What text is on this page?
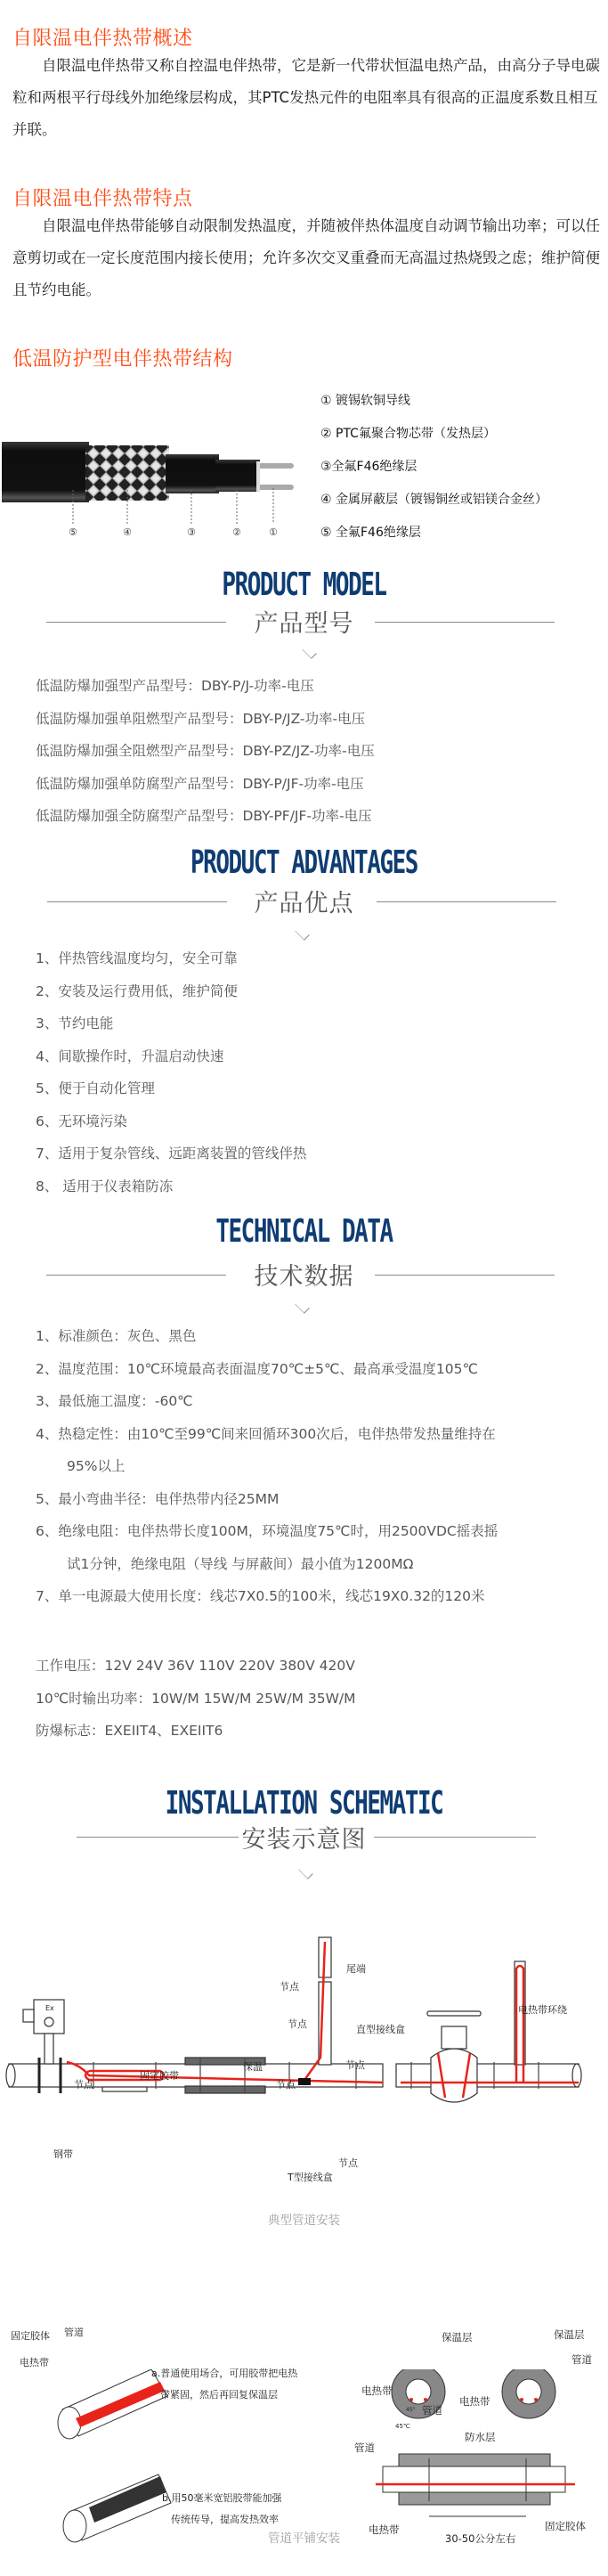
自限温电伴热带概述
自限温电伴热带又称自控温电伴热带，它是新一代带状恒温电热产品，由高分子导电碳粒和两根平行母线外加绝缘层构成，其PTC发热元件的电阻率具有很高的正温度系数且相互并联。
自限温电伴热带特点
自限温电伴热带能够自动限制发热温度，并随被伴热体温度自动调节输出功率；可以任意剪切或在一定长度范围内接长使用；允许多次交叉重叠而无高温过热烧毁之虑；维护简便且节约电能。
低温防护型电伴热带结构
⑤	④	③	②	①
① 镀锡软铜导线
② PTC氟聚合物芯带（发热层）
③全氟F46绝缘层
④ 金属屏蔽层（镀锡铜丝或铝镁合金丝）
⑤ 全氟F46绝缘层
PRODUCT MODEL
产品型号
低温防爆加强型产品型号：DBY-P/J-功率-电压
低温防爆加强单阻燃型产品型号：DBY-P/JZ-功率-电压
低温防爆加强全阻燃型产品型号：DBY-PZ/JZ-功率-电压
低温防爆加强单防腐型产品型号：DBY-P/JF-功率-电压
低温防爆加强全防腐型产品型号：DBY-PF/JF-功率-电压
PRODUCT ADVANTAGES
产品优点
1、伴热管线温度均匀，安全可靠
2、安装及运行费用低，维护简便
3、节约电能
4、间歇操作时，升温启动快速
5、便于自动化管理
6、无环境污染
7、适用于复杂管线、远距离装置的管线伴热
8、 适用于仪表箱防冻
TECHNICAL DATA
技术数据
1、标准颜色：灰色、黑色
2、温度范围：10℃环境最高表面温度70℃±5℃、最高承受温度105℃
3、最低施工温度：-60℃
4、热稳定性：由10℃至99℃间来回循环300次后，电伴热带发热量维持在
95%以上
5、最小弯曲半径：电伴热带内径25MM
6、绝缘电阻：电伴热带长度100M，环境温度75℃时，用2500VDC摇表摇
试1分钟，绝缘电阻（导线 与屏蔽间）最小值为1200MΩ
7、单一电源最大使用长度：线芯7X0.5的100米，线芯19X0.32的120米
工作电压：12V 24V 36V 110V 220V 380V 420V
10℃时输出功率：10W/M 15W/M 25W/M 35W/M
防爆标志：EXEIIT4、EXEIIT6
INSTALLATION SCHEMATIC
安装示意图
Ex
尾端
节点
节点	直型接线盒
节点
电热带环绕
保温
固定胶带
节点	节点
钢带
节点
T型接线盒
典型管道安装
固定胶体 管道
电热带
a.普通使用场合，可用胶带把电热
带紧固，然后再回复保温层
b.用50毫米宽铝胶带能加强
传统传导，提高发热效率
保温层	保温层
管道
电热带
管道
电热带
45℃
45°
防水层
管道
电热带	固定胶体
30-50公分左右
管道平铺安装
